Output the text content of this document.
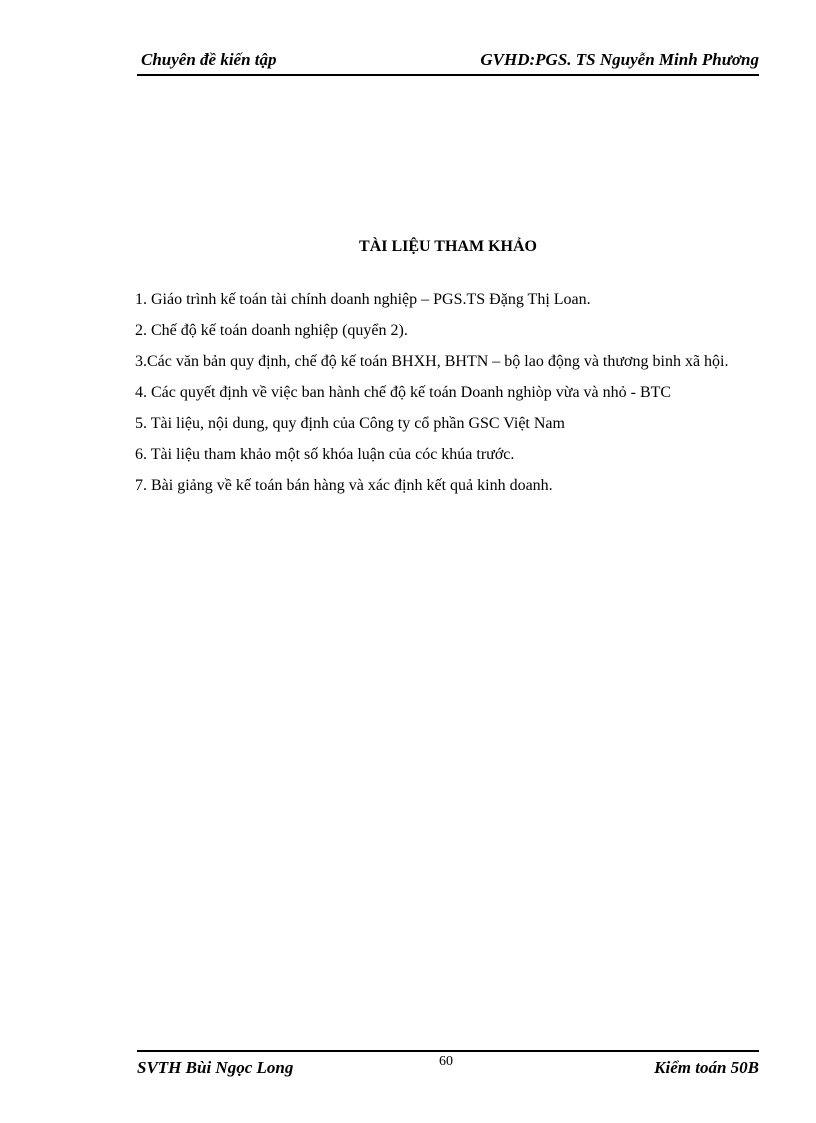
Chuyên đề kiến tập	GVHD:PGS. TS Nguyễn Minh Phương
TÀI LIỆU THAM KHẢO
1. Giáo trình kế toán tài chính doanh nghiệp – PGS.TS Đặng Thị Loan.
2. Chế độ kế toán doanh nghiệp (quyển 2).
3.Các văn bản quy định, chế độ kế toán BHXH, BHTN – bộ lao động và thương binh xã hội.
4. Các quyết định về việc ban hành chế độ kế toán Doanh nghiòp vừa và nhỏ - BTC
5. Tài liệu, nội dung, quy định của Công ty cổ phần GSC Việt Nam
6. Tài liệu tham khảo một số khóa luận của cóc khúa trước.
7. Bài giảng về kế toán bán hàng và xác định kết quả kinh doanh.
SVTH Bùi Ngọc Long	60	Kiểm toán 50B
